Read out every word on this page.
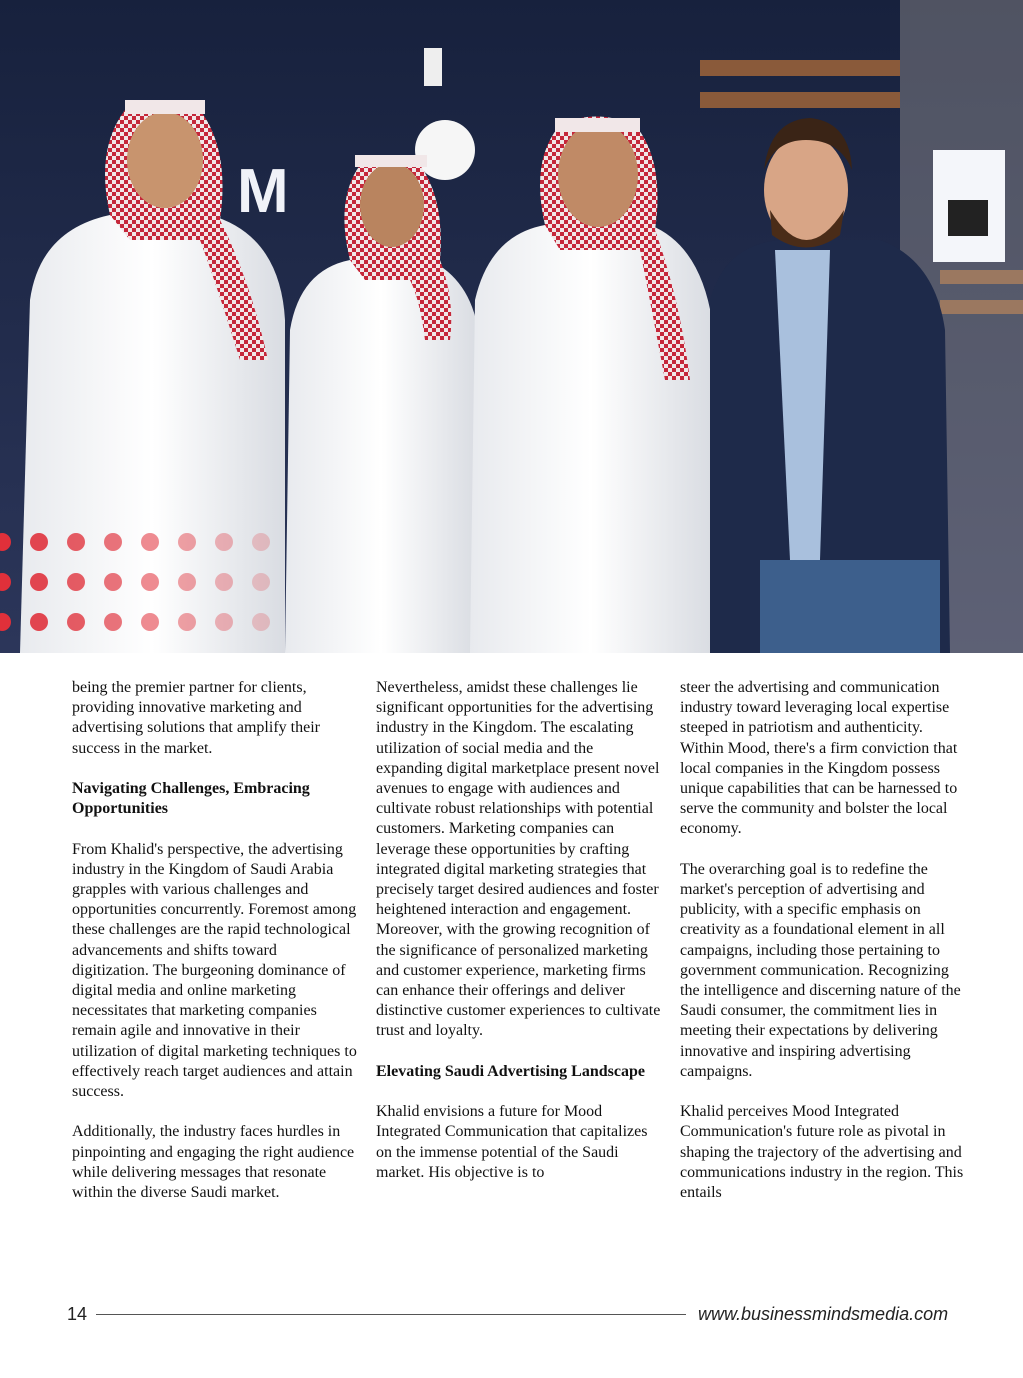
M

being the premier partner for clients, providing innovative marketing and advertising solutions that amplify their success in the market.

Navigating Challenges, Embracing Opportunities

From Khalid's perspective, the advertising industry in the Kingdom of Saudi Arabia grapples with various challenges and opportunities concurrently. Foremost among these challenges are the rapid technological advancements and shifts toward digitization. The burgeoning dominance of digital media and online marketing necessitates that marketing companies remain agile and innovative in their utilization of digital marketing techniques to effectively reach target audiences and attain success.

Additionally, the industry faces hurdles in pinpointing and engaging the right audience while delivering messages that resonate within the diverse Saudi market.

Nevertheless, amidst these challenges lie significant opportunities for the advertising industry in the Kingdom. The escalating utilization of social media and the expanding digital marketplace present novel avenues to engage with audiences and cultivate robust relationships with potential customers. Marketing companies can leverage these opportunities by crafting integrated digital marketing strategies that precisely target desired audiences and foster heightened interaction and engagement. Moreover, with the growing recognition of the significance of personalized marketing and customer experience, marketing firms can enhance their offerings and deliver distinctive customer experiences to cultivate trust and loyalty.

Elevating Saudi Advertising Landscape

Khalid envisions a future for Mood Integrated Communication that capitalizes on the immense potential of the Saudi market. His objective is to

steer the advertising and communication industry toward leveraging local expertise steeped in patriotism and authenticity. Within Mood, there's a firm conviction that local companies in the Kingdom possess unique capabilities that can be harnessed to serve the community and bolster the local economy.

The overarching goal is to redefine the market's perception of advertising and publicity, with a specific emphasis on creativity as a foundational element in all campaigns, including those pertaining to government communication. Recognizing the intelligence and discerning nature of the Saudi consumer, the commitment lies in meeting their expectations by delivering innovative and inspiring advertising campaigns.

Khalid perceives Mood Integrated Communication's future role as pivotal in shaping the trajectory of the advertising and communications industry in the region. This entails

14	www.businessmindsmedia.com
